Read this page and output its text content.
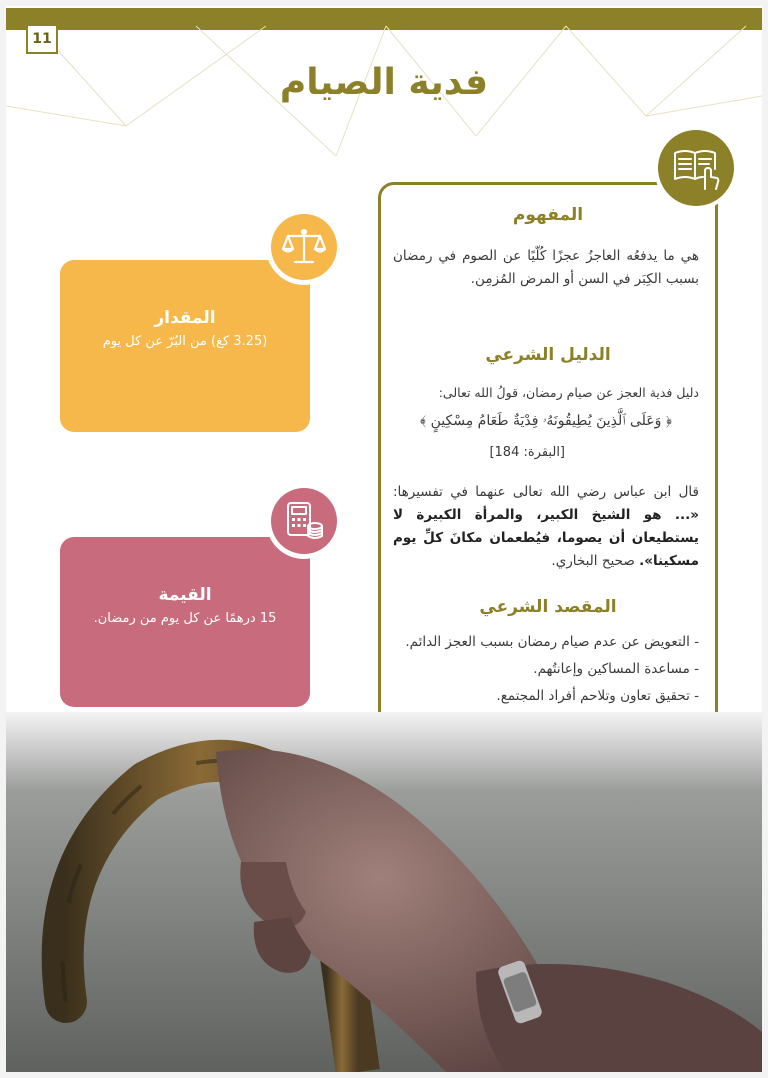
11
فدية الصيام
المقدار
(3.25 كغ) من البُرّ عن كل يوم
القيمة
15 درهمًا عن كل يوم من رمضان.
المفهوم
هي ما يدفعُه العاجزُ عجزًا كُلّيًا عن الصوم في رمضان بسبب الكِبَر في السن أو المرض المُزمِن.
الدليل الشرعي
دليل فدية العجز عن صيام رمضان، قولُ الله تعالى:
﴿ وَعَلَى ٱلَّذِينَ يُطِيقُونَهُۥ فِدْيَةٌ طَعَامُ مِسْكِينٍ ﴾
[البقرة: 184]
قال ابن عباس رضي الله تعالى عنهما في تفسيرها: «... هو الشيخ الكبير، والمرأة الكبيرة لا يستطيعان أن يصوما، فيُطعمان مكانَ كلِّ يوم مسكينا». صحيح البخاري.
المقصد الشرعي
- التعويض عن عدم صيام رمضان بسبب العجز الدائم.
- مساعدة المساكين وإعانتُهم.
- تحقيق تعاون وتلاحم أفراد المجتمع.
